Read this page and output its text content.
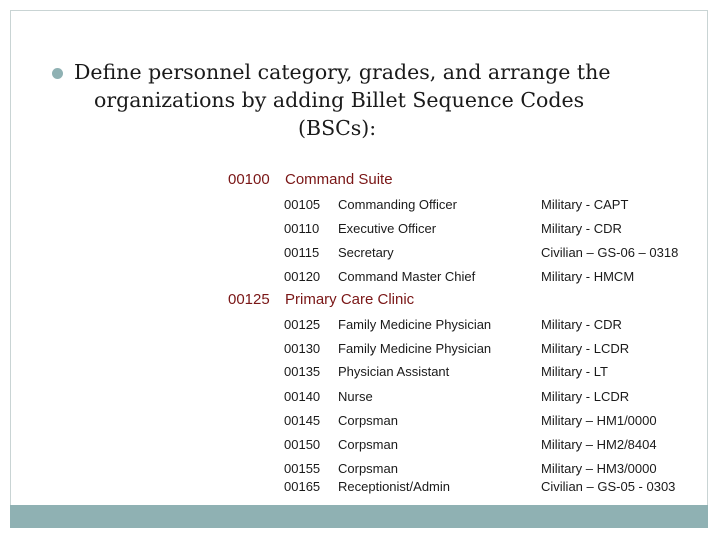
Define personnel category, grades, and arrange the
organizations by adding Billet Sequence Codes
(BSCs):
00100 Command Suite
00105 Commanding Officer	Military - CAPT
00110 Executive Officer	Military - CDR
00115 Secretary	Civilian – GS-06 – 0318
00120 Command Master Chief	Military - HMCM
00125 Primary Care Clinic
00125 Family Medicine Physician	Military - CDR
00130 Family Medicine Physician	Military - LCDR
00135 Physician Assistant	Military - LT
00140 Nurse	Military - LCDR
00145 Corpsman	Military – HM1/0000
00150 Corpsman	Military – HM2/8404
00155 Corpsman	Military – HM3/0000
00165 Receptionist/Admin	Civilian – GS-05 - 0303
